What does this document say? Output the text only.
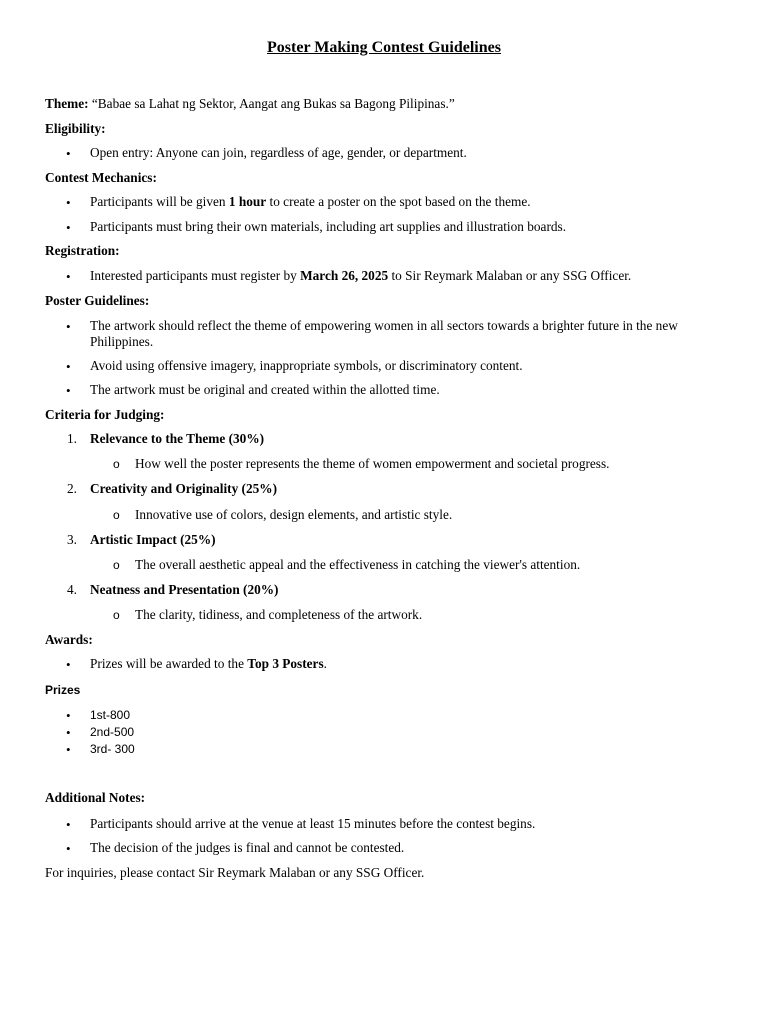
Poster Making Contest Guidelines
Theme: “Babae sa Lahat ng Sektor, Aangat ang Bukas sa Bagong Pilipinas.”
Eligibility:
• Open entry: Anyone can join, regardless of age, gender, or department.
Contest Mechanics:
• Participants will be given 1 hour to create a poster on the spot based on the theme.
• Participants must bring their own materials, including art supplies and illustration boards.
Registration:
• Interested participants must register by March 26, 2025 to Sir Reymark Malaban or any SSG Officer.
Poster Guidelines:
• The artwork should reflect the theme of empowering women in all sectors towards a brighter future in the new Philippines.
• Avoid using offensive imagery, inappropriate symbols, or discriminatory content.
• The artwork must be original and created within the allotted time.
Criteria for Judging:
1. Relevance to the Theme (30%)
o How well the poster represents the theme of women empowerment and societal progress.
2. Creativity and Originality (25%)
o Innovative use of colors, design elements, and artistic style.
3. Artistic Impact (25%)
o The overall aesthetic appeal and the effectiveness in catching the viewer's attention.
4. Neatness and Presentation (20%)
o The clarity, tidiness, and completeness of the artwork.
Awards:
• Prizes will be awarded to the Top 3 Posters.
Prizes
• 1st-800
• 2nd-500
• 3rd- 300
Additional Notes:
• Participants should arrive at the venue at least 15 minutes before the contest begins.
• The decision of the judges is final and cannot be contested.
For inquiries, please contact Sir Reymark Malaban or any SSG Officer.
